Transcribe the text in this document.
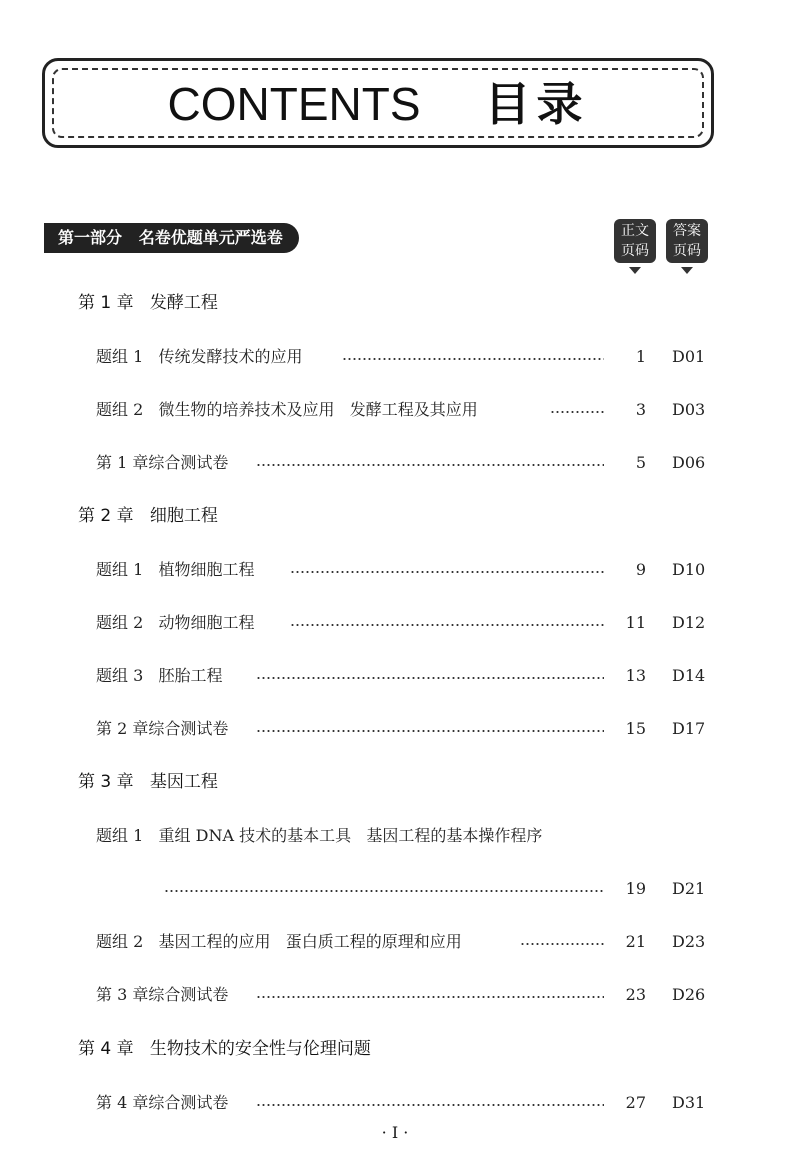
CONTENTS 目录
第一部分   名卷优题单元严选卷	正文
页码
答案
页码
第 1 章   发酵工程
题组 1   传统发酵技术的应用	1 D01
题组 2   微生物的培养技术及应用   发酵工程及其应用	3 D03
第 1 章综合测试卷	5 D06
第 2 章   细胞工程
题组 1   植物细胞工程	9 D10
题组 2   动物细胞工程	11 D12
题组 3   胚胎工程	13 D14
第 2 章综合测试卷	15 D17
第 3 章   基因工程
题组 1   重组 DNA 技术的基本工具   基因工程的基本操作程序
19 D21
题组 2   基因工程的应用   蛋白质工程的原理和应用	21 D23
第 3 章综合测试卷	23 D26
第 4 章   生物技术的安全性与伦理问题
第 4 章综合测试卷	27 D31
· I ·
